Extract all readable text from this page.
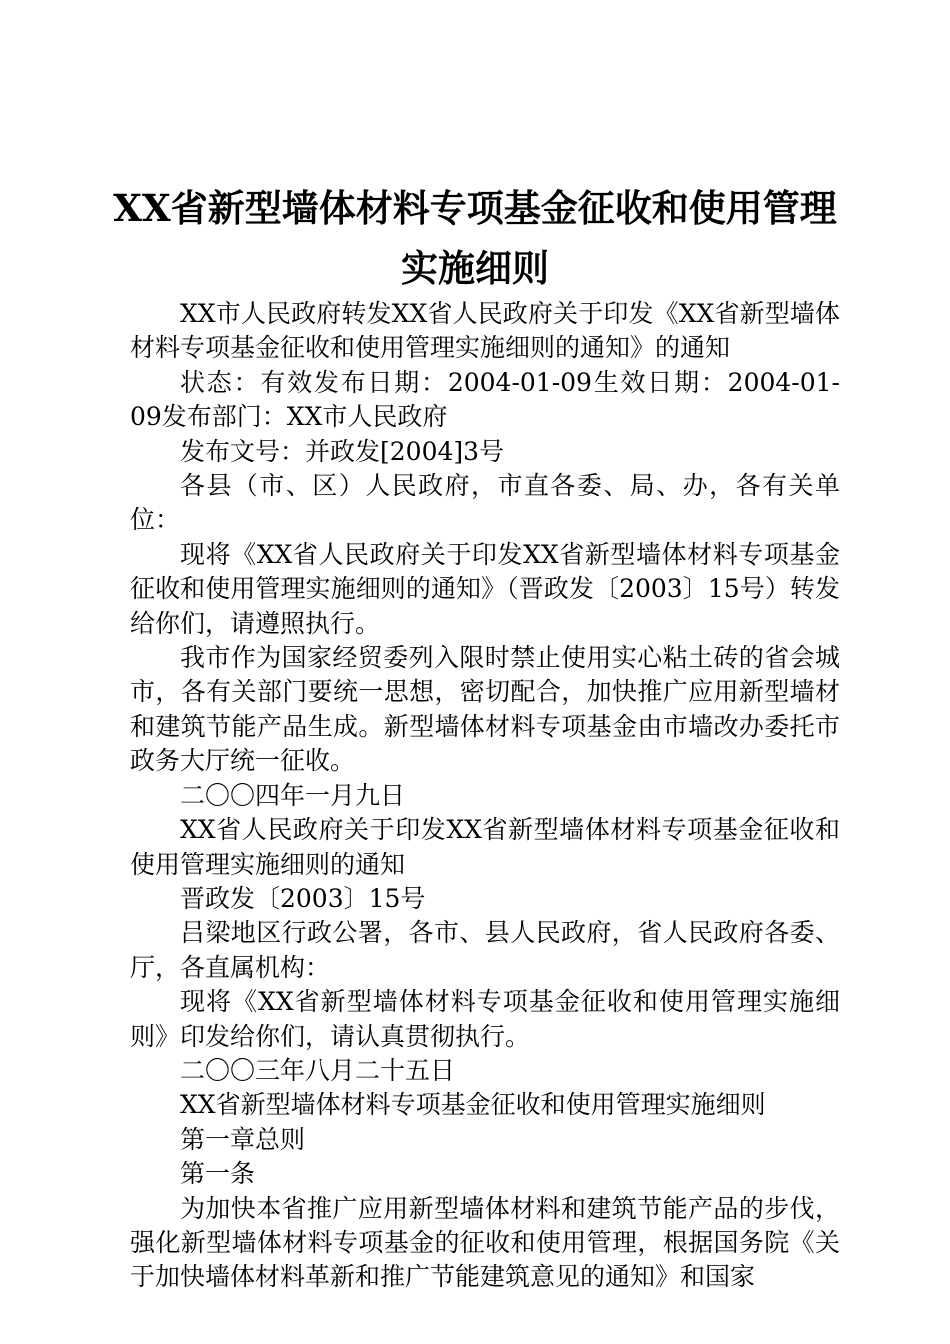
XX省新型墙体材料专项基金征收和使用管理
实施细则

XX市人民政府转发XX省人民政府关于印发《XX省新型墙体材料专项基金征收和使用管理实施细则的通知》的通知

状态：有效发布日期：2004-01-09生效日期：2004-01-09发布部门：XX市人民政府

发布文号：并政发[2004]3号

各县（市、区）人民政府，市直各委、局、办，各有关单位：

现将《XX省人民政府关于印发XX省新型墙体材料专项基金征收和使用管理实施细则的通知》（晋政发〔2003〕15号）转发给你们，请遵照执行。

我市作为国家经贸委列入限时禁止使用实心粘土砖的省会城市，各有关部门要统一思想，密切配合，加快推广应用新型墙材和建筑节能产品生成。新型墙体材料专项基金由市墙改办委托市政务大厅统一征收。

二〇〇四年一月九日

XX省人民政府关于印发XX省新型墙体材料专项基金征收和使用管理实施细则的通知

晋政发〔2003〕15号

吕梁地区行政公署，各市、县人民政府，省人民政府各委、厅，各直属机构：

现将《XX省新型墙体材料专项基金征收和使用管理实施细则》印发给你们，请认真贯彻执行。

二〇〇三年八月二十五日

XX省新型墙体材料专项基金征收和使用管理实施细则

第一章总则

第一条

为加快本省推广应用新型墙体材料和建筑节能产品的步伐，强化新型墙体材料专项基金的征收和使用管理，根据国务院《关于加快墙体材料革新和推广节能建筑意见的通知》和国家
